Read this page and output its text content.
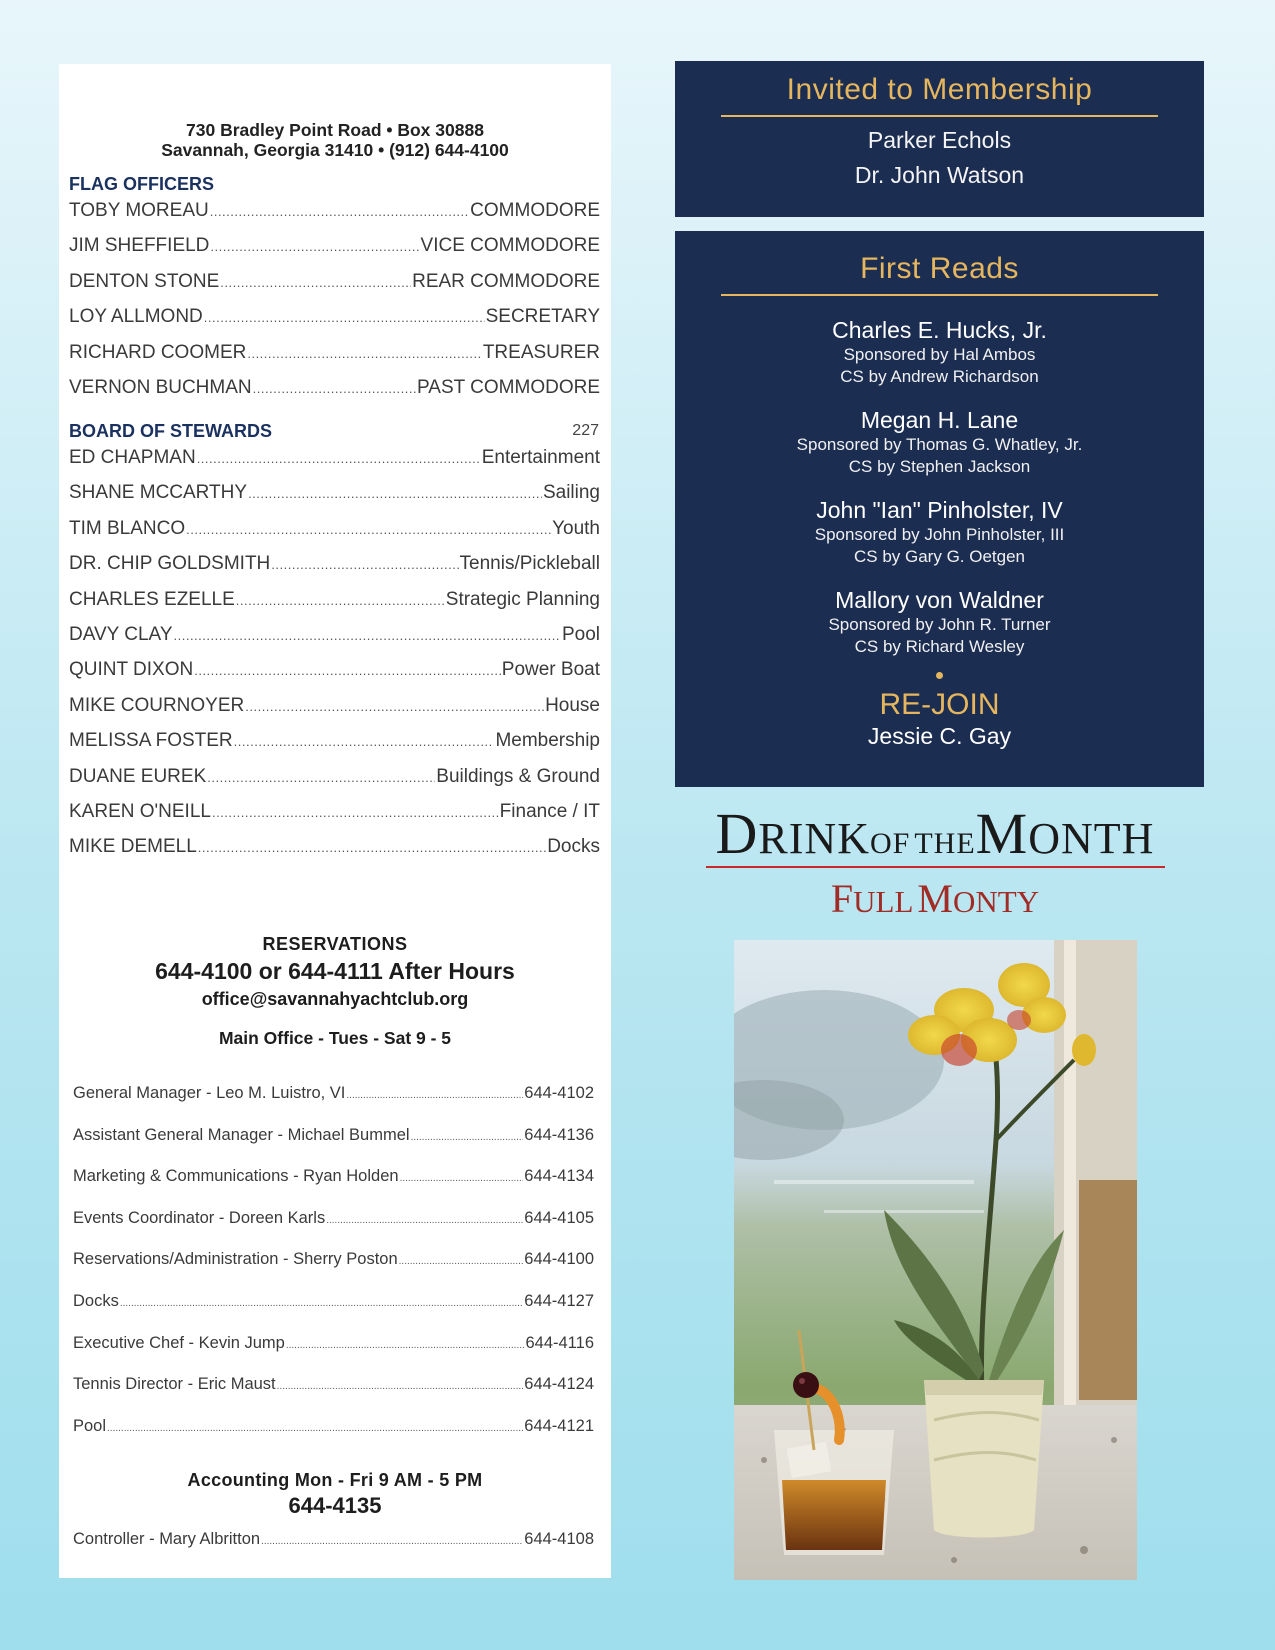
730 Bradley Point Road • Box 30888
Savannah, Georgia 31410 • (912) 644-4100
FLAG OFFICERS
TOBY MOREAU .....	COMMODORE
JIM SHEFFIELD .....	VICE COMMODORE
DENTON STONE .....	REAR COMMODORE
LOY ALLMOND .....	SECRETARY
RICHARD COOMER .....	TREASURER
VERNON BUCHMAN .....	PAST COMMODORE
BOARD OF STEWARDS	227
ED CHAPMAN .....	Entertainment
SHANE MCCARTHY .....	Sailing
TIM BLANCO .....	Youth
DR. CHIP GOLDSMITH .....	Tennis/Pickleball
CHARLES EZELLE .....	Strategic Planning
DAVY CLAY .....	Pool
QUINT DIXON .....	Power Boat
MIKE COURNOYER .....	House
MELISSA FOSTER .....	Membership
DUANE EUREK .....	Buildings & Ground
KAREN O'NEILL .....	Finance / IT
MIKE DEMELL .....	Docks
RESERVATIONS
644-4100 or 644-4111 After Hours
office@savannahyachtclub.org
Main Office - Tues - Sat 9 - 5
General Manager - Leo M. Luistro, VI .....	644-4102
Assistant General Manager - Michael Bummel .....	644-4136
Marketing & Communications - Ryan Holden .....	644-4134
Events Coordinator - Doreen Karls .....	644-4105
Reservations/Administration - Sherry Poston .....	644-4100
Docks .....	644-4127
Executive Chef - Kevin Jump .....	644-4116
Tennis Director - Eric Maust .....	644-4124
Pool .....	644-4121
Accounting Mon - Fri 9 AM - 5 PM
644-4135
Controller - Mary Albritton .....	644-4108
Invited to Membership
Parker Echols
Dr. John Watson
First Reads
Charles E. Hucks, Jr.
Sponsored by Hal Ambos
CS by Andrew Richardson
Megan H. Lane
Sponsored by Thomas G. Whatley, Jr.
CS by Stephen Jackson
John "Ian" Pinholster, IV
Sponsored by John Pinholster, III
CS by Gary G. Oetgen
Mallory von Waldner
Sponsored by John R. Turner
CS by Richard Wesley
RE-JOIN
Jessie C. Gay
DRINKOF THEMONTH
FULL MONTY
